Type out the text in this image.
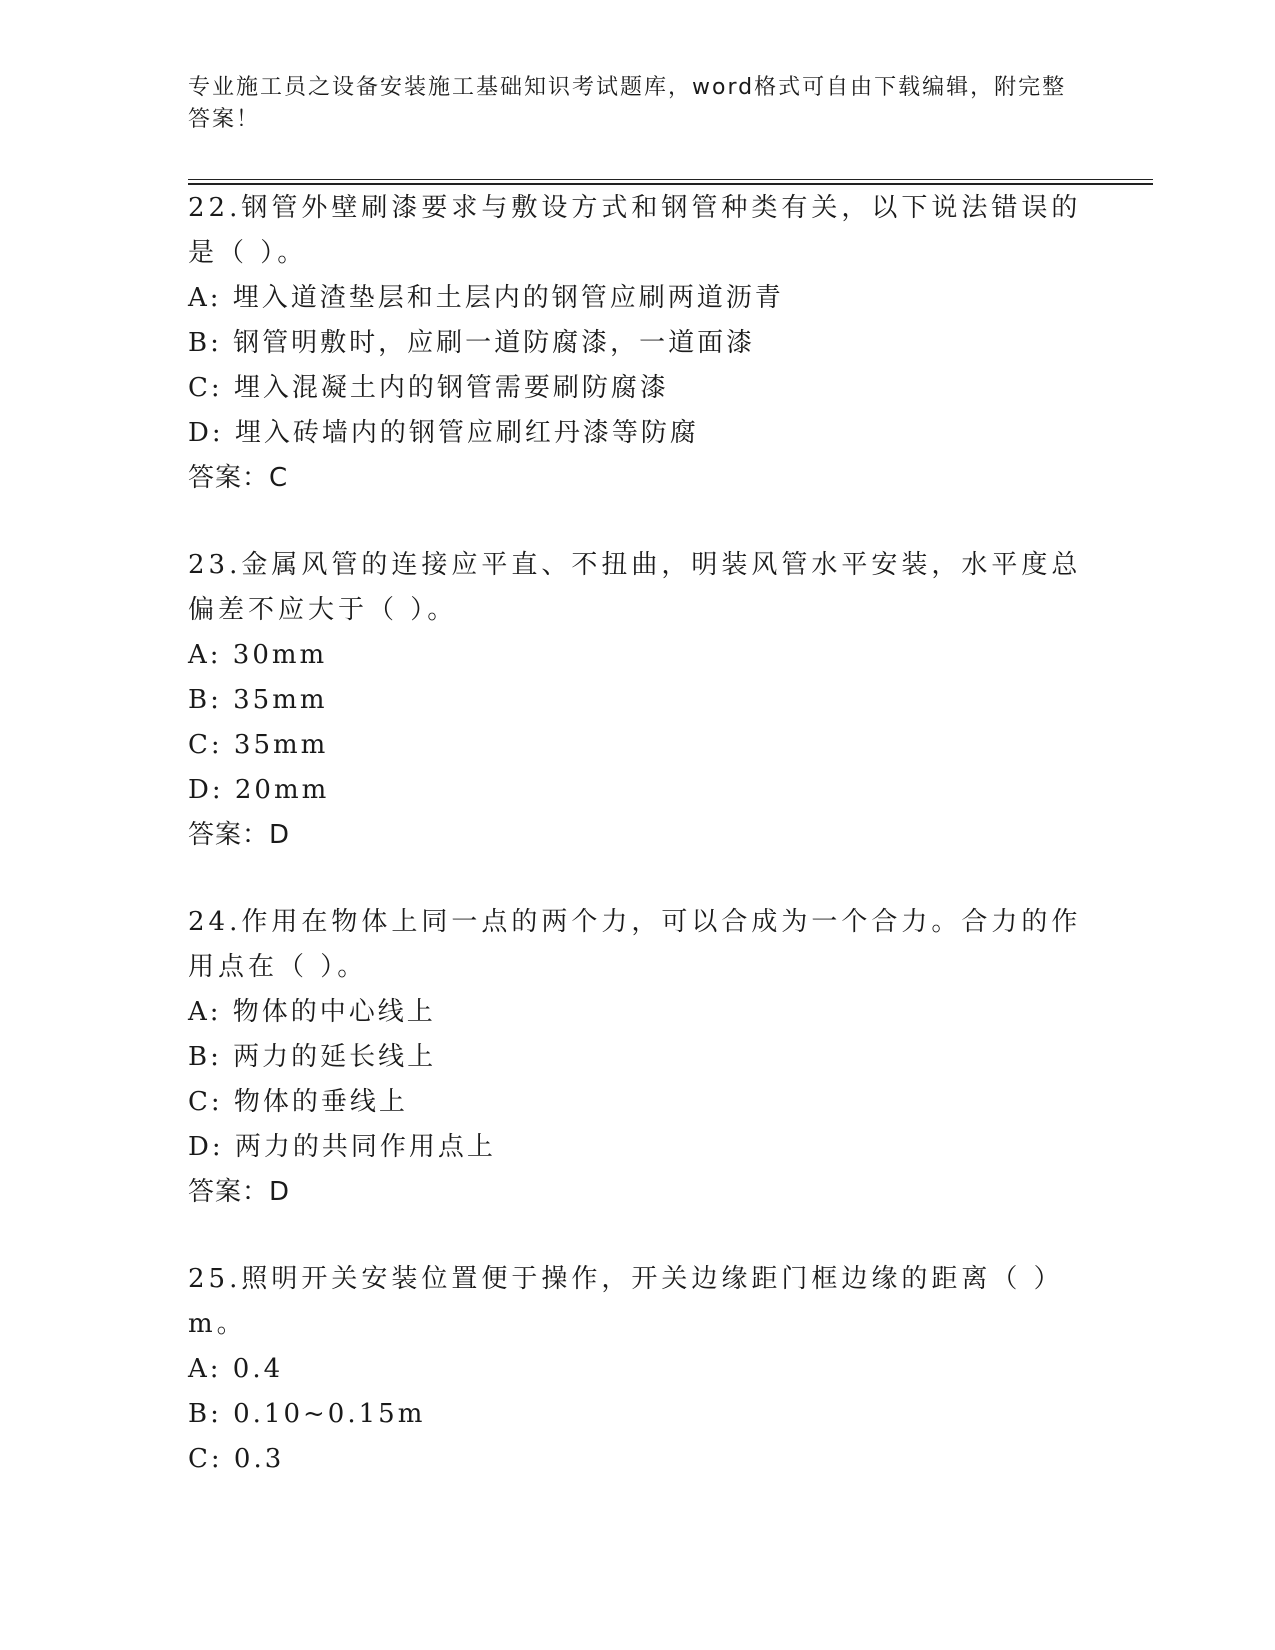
专业施工员之设备安装施工基础知识考试题库，word格式可自由下载编辑，附完整答案！

22.钢管外壁刷漆要求与敷设方式和钢管种类有关，以下说法错误的是（ ）。

A: 埋入道渣垫层和土层内的钢管应刷两道沥青
B: 钢管明敷时，应刷一道防腐漆，一道面漆
C: 埋入混凝土内的钢管需要刷防腐漆
D: 埋入砖墙内的钢管应刷红丹漆等防腐
答案：C

23.金属风管的连接应平直、不扭曲，明装风管水平安装，水平度总偏差不应大于（ ）。

A: 30mm
B: 35mm
C: 35mm
D: 20mm
答案：D

24.作用在物体上同一点的两个力，可以合成为一个合力。合力的作用点在（ ）。

A: 物体的中心线上
B: 两力的延长线上
C: 物体的垂线上
D: 两力的共同作用点上
答案：D

25.照明开关安装位置便于操作，开关边缘距门框边缘的距离（ ）m。

A: 0.4
B: 0.10~0.15m
C: 0.3
